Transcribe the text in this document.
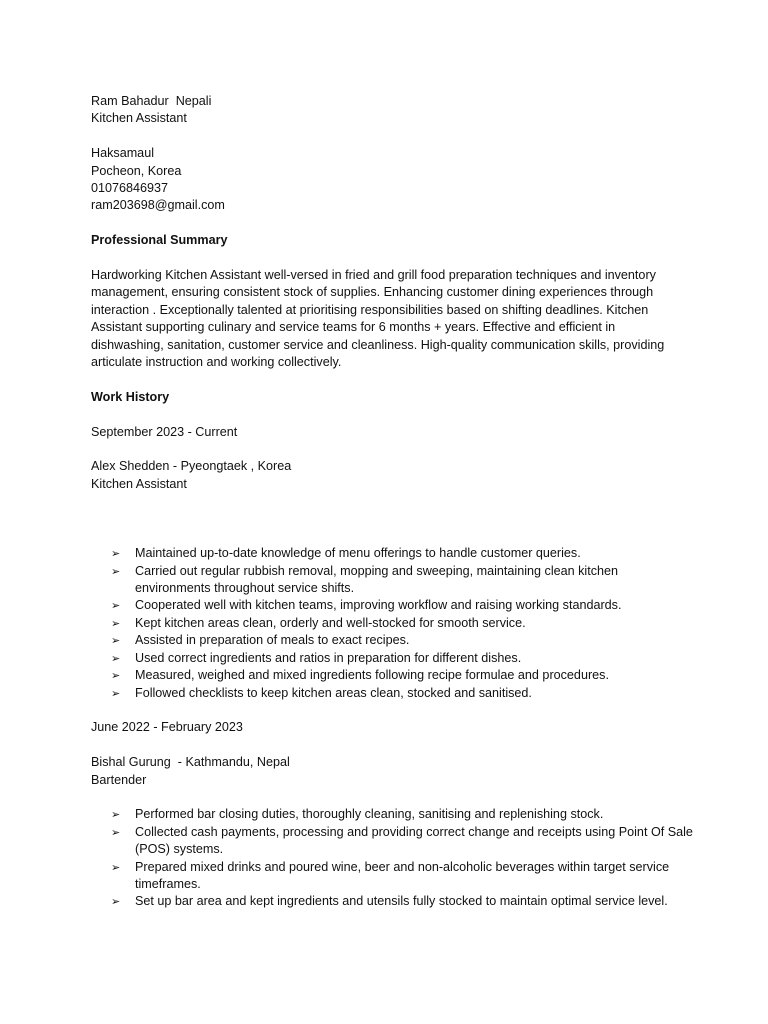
Ram Bahadur  Nepali
Kitchen Assistant
Haksamaul
Pocheon, Korea
01076846937
ram203698@gmail.com
Professional Summary
Hardworking Kitchen Assistant well-versed in fried and grill food preparation techniques and inventory management, ensuring consistent stock of supplies. Enhancing customer dining experiences through interaction . Exceptionally talented at prioritising responsibilities based on shifting deadlines. Kitchen Assistant supporting culinary and service teams for 6 months + years. Effective and efficient in dishwashing, sanitation, customer service and cleanliness. High-quality communication skills, providing articulate instruction and working collectively.
Work History
September 2023 - Current
Alex Shedden - Pyeongtaek , Korea
Kitchen Assistant
➢ Maintained up-to-date knowledge of menu offerings to handle customer queries.
➢ Carried out regular rubbish removal, mopping and sweeping, maintaining clean kitchen environments throughout service shifts.
➢ Cooperated well with kitchen teams, improving workflow and raising working standards.
➢ Kept kitchen areas clean, orderly and well-stocked for smooth service.
➢ Assisted in preparation of meals to exact recipes.
➢ Used correct ingredients and ratios in preparation for different dishes.
➢ Measured, weighed and mixed ingredients following recipe formulae and procedures.
➢ Followed checklists to keep kitchen areas clean, stocked and sanitised.
June 2022 - February 2023
Bishal Gurung  - Kathmandu, Nepal
Bartender
➢ Performed bar closing duties, thoroughly cleaning, sanitising and replenishing stock.
➢ Collected cash payments, processing and providing correct change and receipts using Point Of Sale (POS) systems.
➢ Prepared mixed drinks and poured wine, beer and non-alcoholic beverages within target service timeframes.
➢ Set up bar area and kept ingredients and utensils fully stocked to maintain optimal service level.
